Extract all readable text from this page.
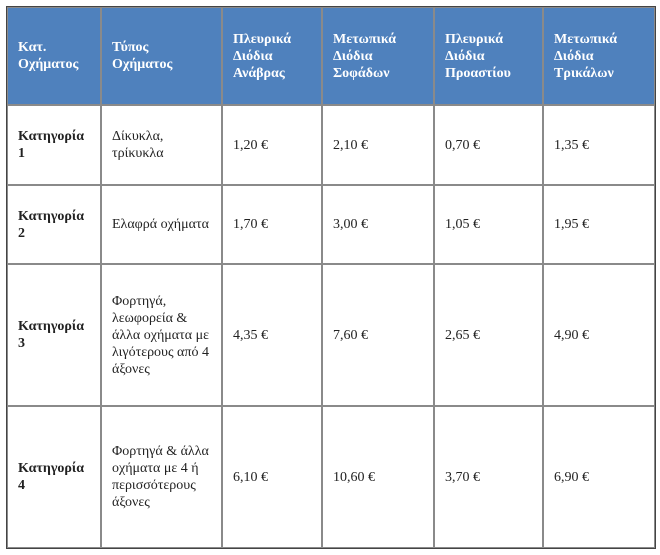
Κατ. Οχήματος	Τύπος Οχήματος	Πλευρικά Διόδια Ανάβρας	Μετωπικά Διόδια Σοφάδων	Πλευρικά Διόδια Προαστίου	Μετωπικά Διόδια Τρικάλων
Κατηγορία 1	Δίκυκλα, τρίκυκλα	1,20 €	2,10 €	0,70 €	1,35 €
Κατηγορία 2	Ελαφρά οχήματα	1,70 €	3,00 €	1,05 €	1,95 €
Κατηγορία 3	Φορτηγά, λεωφορεία & άλλα οχήματα με λιγότερους από 4 άξονες	4,35 €	7,60 €	2,65 €	4,90 €
Κατηγορία 4	Φορτηγά & άλλα οχήματα με 4 ή περισσότερους άξονες	6,10 €	10,60 €	3,70 €	6,90 €
